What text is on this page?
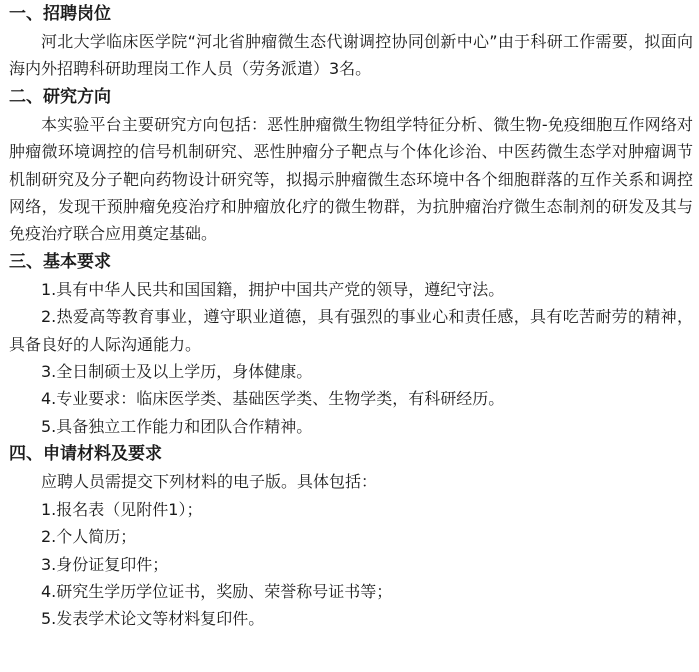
一、招聘岗位

河北大学临床医学院“河北省肿瘤微生态代谢调控协同创新中心”由于科研工作需要，拟面向海内外招聘科研助理岗工作人员（劳务派遣）3名。

二、研究方向

本实验平台主要研究方向包括：恶性肿瘤微生物组学特征分析、微生物-免疫细胞互作网络对肿瘤微环境调控的信号机制研究、恶性肿瘤分子靶点与个体化诊治、中医药微生态学对肿瘤调节机制研究及分子靶向药物设计研究等，拟揭示肿瘤微生态环境中各个细胞群落的互作关系和调控网络，发现干预肿瘤免疫治疗和肿瘤放化疗的微生物群，为抗肿瘤治疗微生态制剂的研发及其与免疫治疗联合应用奠定基础。

三、基本要求

1.具有中华人民共和国国籍，拥护中国共产党的领导，遵纪守法。

2.热爱高等教育事业，遵守职业道德，具有强烈的事业心和责任感，具有吃苦耐劳的精神，具备良好的人际沟通能力。

3.全日制硕士及以上学历，身体健康。

4.专业要求：临床医学类、基础医学类、生物学类，有科研经历。

5.具备独立工作能力和团队合作精神。

四、申请材料及要求

应聘人员需提交下列材料的电子版。具体包括：

1.报名表（见附件1）；

2.个人简历；

3.身份证复印件；

4.研究生学历学位证书，奖励、荣誉称号证书等；

5.发表学术论文等材料复印件。
